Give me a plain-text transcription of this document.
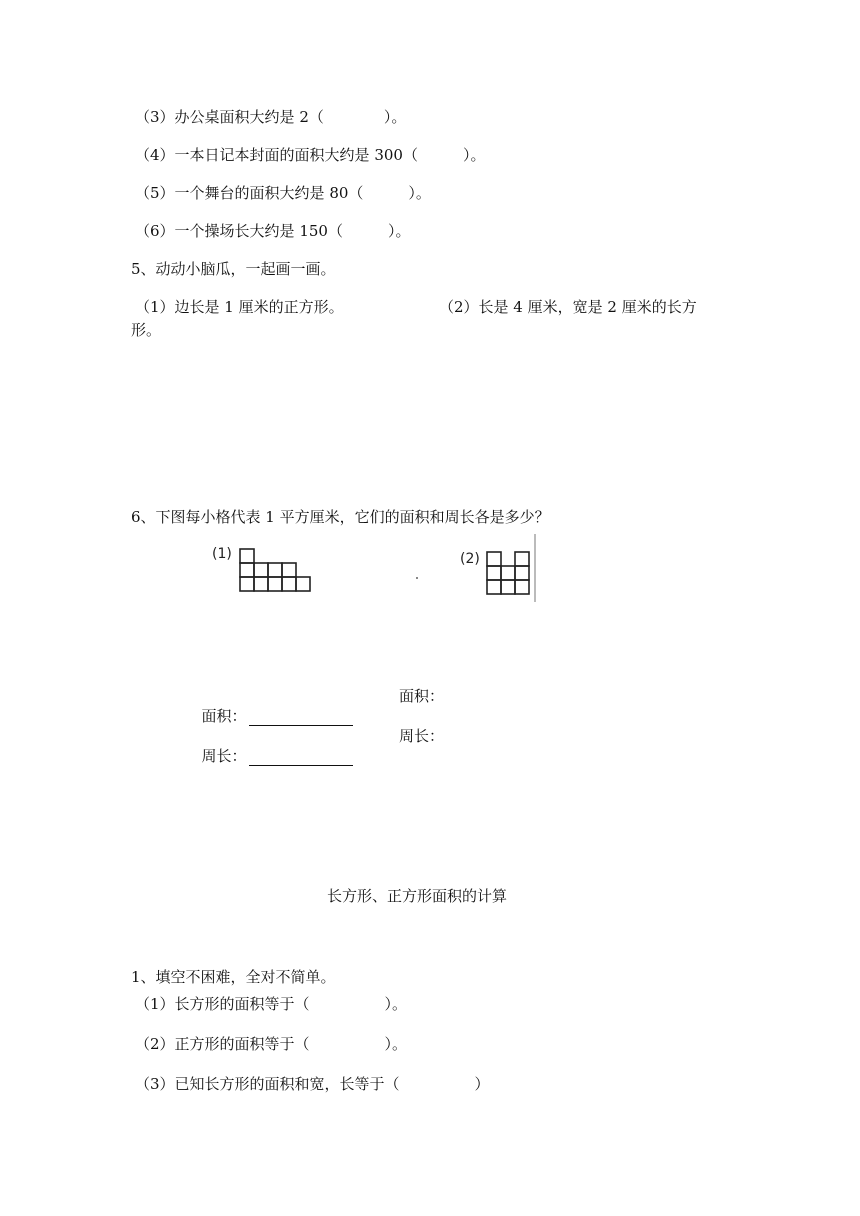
（3）办公桌面积大约是 2（　　　　）。
（4）一本日记本封面的面积大约是 300（　　　）。
（5）一个舞台的面积大约是 80（　　　）。
（6）一个操场长大约是 150（　　　）。
5、动动小脑瓜，一起画一画。
（1）边长是 1 厘米的正方形。	（2）长是 4 厘米，宽是 2 厘米的长方
形。
6、下图每小格代表 1 平方厘米，它们的面积和周长各是多少？
(1)	(2)

面积：

面积：

周长：

周长：
长方形、正方形面积的计算
1、填空不困难，全对不简单。
（1）长方形的面积等于（　　　　　）。
（2）正方形的面积等于（　　　　　）。
（3）已知长方形的面积和宽，长等于（　　　　　）
